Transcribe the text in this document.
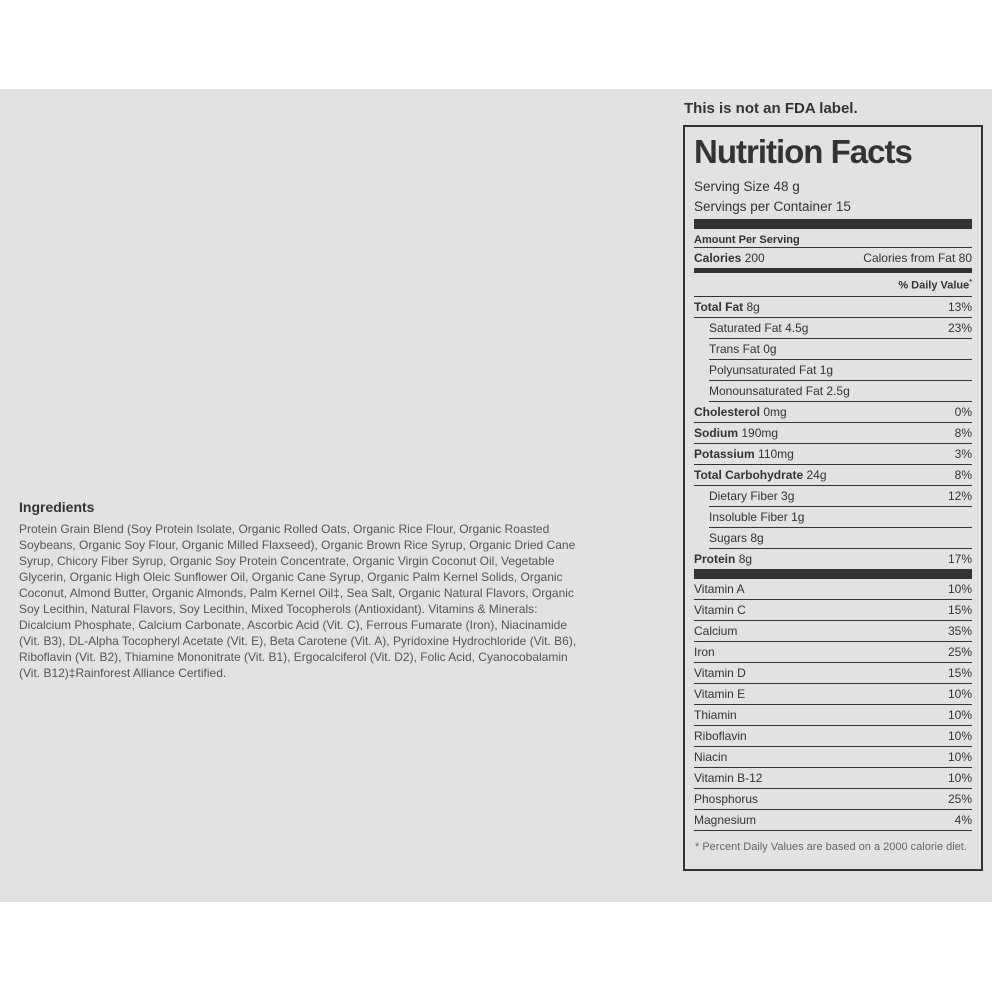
Ingredients

Protein Grain Blend (Soy Protein Isolate, Organic Rolled Oats, Organic Rice Flour, Organic Roasted Soybeans, Organic Soy Flour, Organic Milled Flaxseed), Organic Brown Rice Syrup, Organic Dried Cane Syrup, Chicory Fiber Syrup, Organic Soy Protein Concentrate, Organic Virgin Coconut Oil, Vegetable Glycerin, Organic High Oleic Sunflower Oil, Organic Cane Syrup, Organic Palm Kernel Solids, Organic Coconut, Almond Butter, Organic Almonds, Palm Kernel Oil‡, Sea Salt, Organic Natural Flavors, Organic Soy Lecithin, Natural Flavors, Soy Lecithin, Mixed Tocopherols (Antioxidant). Vitamins & Minerals: Dicalcium Phosphate, Calcium Carbonate, Ascorbic Acid (Vit. C), Ferrous Fumarate (Iron), Niacinamide (Vit. B3), DL-Alpha Tocopheryl Acetate (Vit. E), Beta Carotene (Vit. A), Pyridoxine Hydrochloride (Vit. B6), Riboflavin (Vit. B2), Thiamine Mononitrate (Vit. B1), Ergocalciferol (Vit. D2), Folic Acid, Cyanocobalamin (Vit. B12)‡Rainforest Alliance Certified.

This is not an FDA label.
Nutrition Facts
Serving Size 48 g
Servings per Container 15
Amount Per Serving
Calories 200	Calories from Fat 80
% Daily Value*
Total Fat 8g	13%
Saturated Fat 4.5g	23%
Trans Fat 0g
Polyunsaturated Fat 1g
Monounsaturated Fat 2.5g
Cholesterol 0mg	0%
Sodium 190mg	8%
Potassium 110mg	3%
Total Carbohydrate 24g	8%
Dietary Fiber 3g	12%
Insoluble Fiber 1g
Sugars 8g
Protein 8g	17%
Vitamin A	10%
Vitamin C	15%
Calcium	35%
Iron	25%
Vitamin D	15%
Vitamin E	10%
Thiamin	10%
Riboflavin	10%
Niacin	10%
Vitamin B-12	10%
Phosphorus	25%
Magnesium	4%
* Percent Daily Values are based on a 2000 calorie diet.
